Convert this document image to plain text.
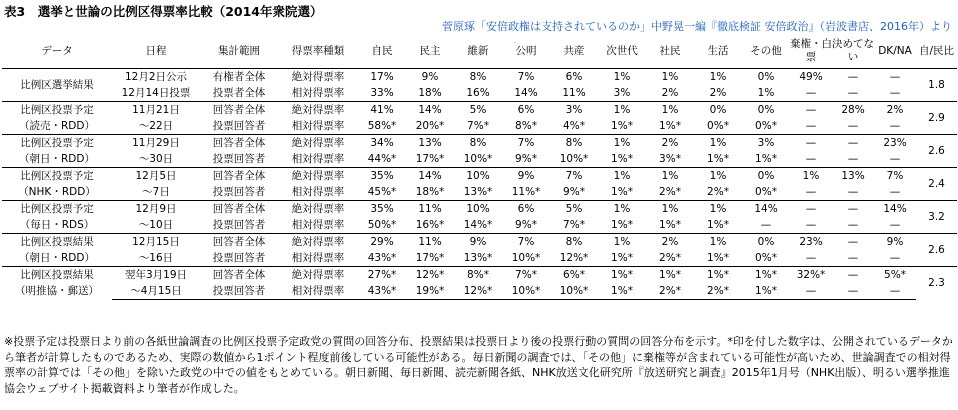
表3　選挙と世論の比例区得票率比較（2014年衆院選）
菅原琢「安倍政権は支持されているのか」中野晃一編『徹底検証 安倍政治』（岩波書店、2016年）より
データ	日程	集計範囲	得票率種類	自民	民主	維新	公明	共産	次世代	社民	生活	その他	棄権・白票	決めてない	DK/NA	自/民比

比例区選挙結果	12月2日公示	有権者全体	絶対得票率	17%	9%	8%	7%	6%	1%	1%	1%	0%	49%	—	—	1.8
	12月14日投票	投票者全体	相対得票率	33%	18%	16%	14%	11%	3%	2%	2%	1%	—	—	—	

比例区投票予定
（読売・RDD）	11月21日	回答者全体	絶対得票率	41%	14%	5%	6%	3%	1%	1%	0%	0%	—	28%	2%	2.9
	～22日	投票回答者	相対得票率	58%*	20%*	7%*	8%*	4%*	1%*	1%*	0%*	0%*	—	—	—	

比例区投票予定
（朝日・RDD）	11月29日	回答者全体	絶対得票率	34%	13%	8%	7%	8%	1%	2%	1%	3%	—	—	23%	2.6
	～30日	投票回答者	相対得票率	44%*	17%*	10%*	9%*	10%*	1%*	3%*	1%*	1%*	—	—	—	

比例区投票予定
（NHK・RDD）	12月5日	回答者全体	絶対得票率	35%	14%	10%	9%	7%	1%	1%	1%	0%	1%	13%	7%	2.4
	～7日	投票回答者	相対得票率	45%*	18%*	13%*	11%*	9%*	1%*	2%*	2%*	0%*	—	—	—	

比例区投票予定
（毎日・RDS）	12月9日	回答者全体	絶対得票率	35%	11%	10%	6%	5%	1%	1%	1%	14%	—	—	14%	3.2
	～10日	投票回答者	相対得票率	50%*	16%*	14%*	9%*	7%*	1%*	1%*	1%*	—	—	—	—	

比例区投票結果
（朝日・RDD）	12月15日	回答者全体	絶対得票率	29%	11%	9%	7%	8%	1%	2%	1%	0%	23%	—	9%	2.6
	～16日	投票回答者	相対得票率	43%*	17%*	13%*	10%*	12%*	1%*	2%*	1%*	0%*	—	—	—	

比例区投票結果
（明推協・郵送）	翌年3月19日	回答者全体	絶対得票率	27%*	12%*	8%*	7%*	6%*	1%*	1%*	1%*	1%*	32%*	—	5%*	2.3
	～4月15日	投票回答者	相対得票率	43%*	19%*	12%*	10%*	10%*	1%*	2%*	2%*	1%*	—	—	—	
※投票予定は投票日より前の各紙世論調査の比例区投票予定政党の質問の回答分布、投票結果は投票日より後の投票行動の質問の回答分布を示す。*印を付した数字は、公開されているデータから筆者が計算したものであるため、実際の数値から1ポイント程度前後している可能性がある。毎日新聞の調査では、「その他」に棄権等が含まれている可能性が高いため、世論調査での相対得票率の計算では「その他」を除いた政党の中での値をもとめている。朝日新聞、毎日新聞、読売新聞各紙、NHK放送文化研究所『放送研究と調査』2015年1月号（NHK出版）、明るい選挙推進協会ウェブサイト掲載資料より筆者が作成した。
